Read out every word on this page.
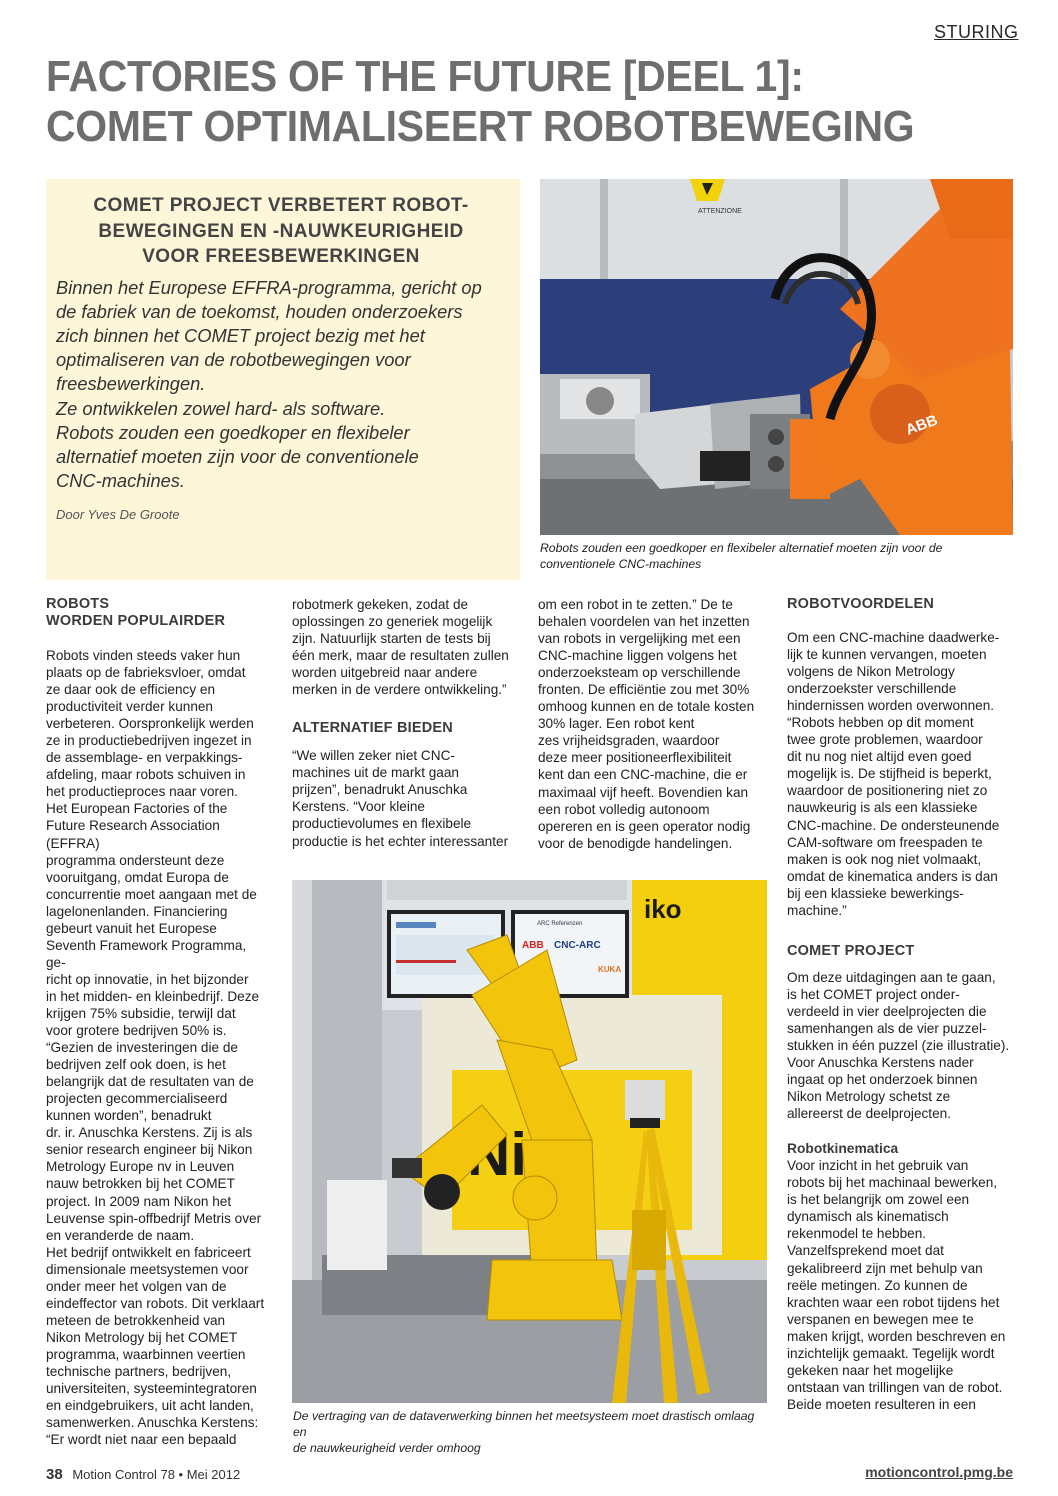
STURING
FACTORIES OF THE FUTURE [DEEL 1]:
COMET OPTIMALISEERT ROBOTBEWEGING
COMET PROJECT VERBETERT ROBOT-
BEWEGINGEN EN -NAUWKEURIGHEID
VOOR FREESBEWERKINGEN

Binnen het Europese EFFRA-programma, gericht op
de fabriek van de toekomst, houden onderzoekers
zich binnen het COMET project bezig met het
optimaliseren van de robotbewegingen voor
freesbewerkingen.
Ze ontwikkelen zowel hard- als software.
Robots zouden een goedkoper en flexibeler
alternatief moeten zijn voor de conventionele
CNC-machines.

Door Yves De Groote

ATTENZIONE
ABB

Robots zouden een goedkoper en flexibeler alternatief moeten zijn voor de
conventionele CNC-machines

ROBOTS
WORDEN POPULAIRDER

Robots vinden steeds vaker hun
plaats op de fabrieksvloer, omdat
ze daar ook de efficiency en
productiviteit verder kunnen
verbeteren. Oorspronkelijk werden
ze in productiebedrijven ingezet in
de assemblage- en verpakkings-
afdeling, maar robots schuiven in
het productieproces naar voren.
Het European Factories of the
Future Research Association (EFFRA)
programma ondersteunt deze
vooruitgang, omdat Europa de
concurrentie moet aangaan met de
lagelonenlanden. Financiering
gebeurt vanuit het Europese
Seventh Framework Programma, ge-
richt op innovatie, in het bijzonder
in het midden- en kleinbedrijf. Deze
krijgen 75% subsidie, terwijl dat
voor grotere bedrijven 50% is.
“Gezien de investeringen die de
bedrijven zelf ook doen, is het
belangrijk dat de resultaten van de
projecten gecommercialiseerd
kunnen worden”, benadrukt
dr. ir. Anuschka Kerstens. Zij is als
senior research engineer bij Nikon
Metrology Europe nv in Leuven
nauw betrokken bij het COMET
project. In 2009 nam Nikon het
Leuvense spin-offbedrijf Metris over
en veranderde de naam.
Het bedrijf ontwikkelt en fabriceert
dimensionale meetsystemen voor
onder meer het volgen van de
eindeffector van robots. Dit verklaart
meteen de betrokkenheid van
Nikon Metrology bij het COMET
programma, waarbinnen veertien
technische partners, bedrijven,
universiteiten, systeemintegratoren
en eindgebruikers, uit acht landen,
samenwerken. Anuschka Kerstens:
“Er wordt niet naar een bepaald

robotmerk gekeken, zodat de
oplossingen zo generiek mogelijk
zijn. Natuurlijk starten de tests bij
één merk, maar de resultaten zullen
worden uitgebreid naar andere
merken in de verdere ontwikkeling.”

ALTERNATIEF BIEDEN

“We willen zeker niet CNC-
machines uit de markt gaan
prijzen”, benadrukt Anuschka
Kerstens. “Voor kleine
productievolumes en flexibele
productie is het echter interessanter

om een robot in te zetten.” De te
behalen voordelen van het inzetten
van robots in vergelijking met een
CNC-machine liggen volgens het
onderzoeksteam op verschillende
fronten. De efficiëntie zou met 30%
omhoog kunnen en de totale kosten
30% lager. Een robot kent
zes vrijheidsgraden, waardoor
deze meer positioneerflexibiliteit
kent dan een CNC-machine, die er
maximaal vijf heeft. Bovendien kan
een robot volledig autonoom
opereren en is geen operator nodig
voor de benodigde handelingen.

iko
ARC Referenzen
ABB CNC-ARC
KUKA

De vertraging van de dataverwerking binnen het meetsysteem moet drastisch omlaag en
de nauwkeurigheid verder omhoog

ROBOTVOORDELEN

Om een CNC-machine daadwerke-
lijk te kunnen vervangen, moeten
volgens de Nikon Metrology
onderzoekster verschillende
hindernissen worden overwonnen.
“Robots hebben op dit moment
twee grote problemen, waardoor
dit nu nog niet altijd even goed
mogelijk is. De stijfheid is beperkt,
waardoor de positionering niet zo
nauwkeurig is als een klassieke
CNC-machine. De ondersteunende
CAM-software om freespaden te
maken is ook nog niet volmaakt,
omdat de kinematica anders is dan
bij een klassieke bewerkings-
machine.”

COMET PROJECT

Om deze uitdagingen aan te gaan,
is het COMET project onder-
verdeeld in vier deelprojecten die
samenhangen als de vier puzzel-
stukken in één puzzel (zie illustratie).
Voor Anuschka Kerstens nader
ingaat op het onderzoek binnen
Nikon Metrology schetst ze
allereerst de deelprojecten.

Robotkinematica

Voor inzicht in het gebruik van
robots bij het machinaal bewerken,
is het belangrijk om zowel een
dynamisch als kinematisch
rekenmodel te hebben.
Vanzelfsprekend moet dat
gekalibreerd zijn met behulp van
reële metingen. Zo kunnen de
krachten waar een robot tijdens het
verspanen en bewegen mee te
maken krijgt, worden beschreven en
inzichtelijk gemaakt. Tegelijk wordt
gekeken naar het mogelijke
ontstaan van trillingen van de robot.
Beide moeten resulteren in een

38 Motion Control 78 • Mei 2012	motioncontrol.pmg.be
